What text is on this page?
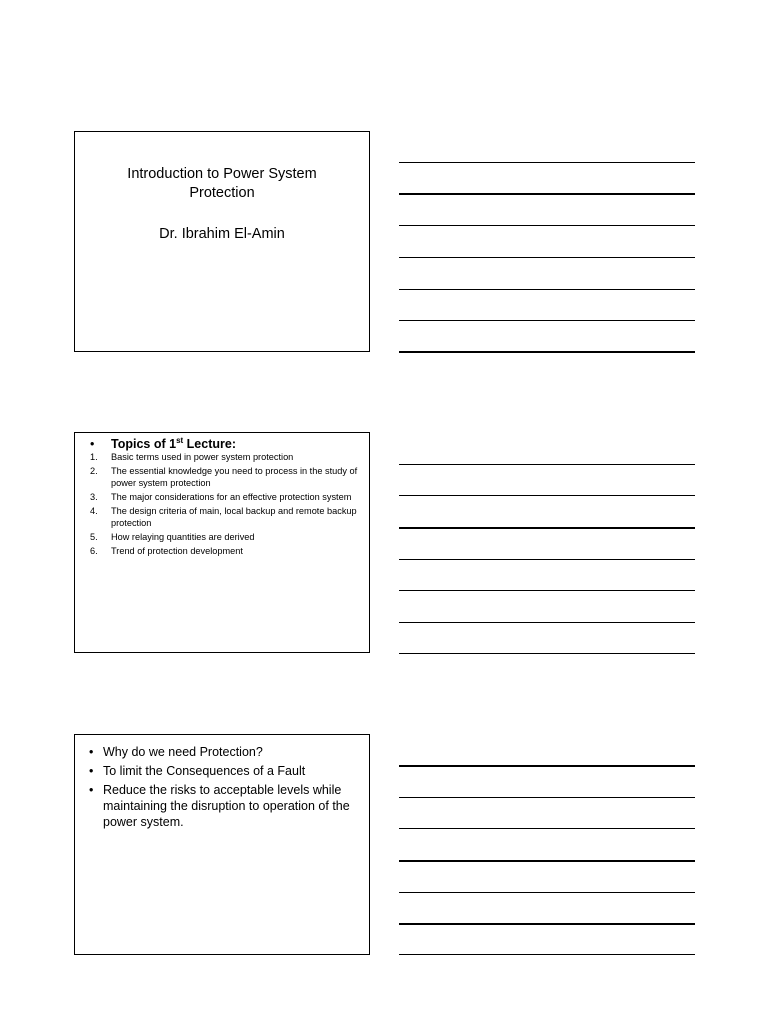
Introduction to Power System
Protection
Dr. Ibrahim El-Amin
• Topics of 1st Lecture:
1.	Basic terms used in power system protection
2.	The essential knowledge you need to process in the study of power system protection
3.	The major considerations for an effective protection system
4.	The design criteria of main, local backup and remote backup protection
5.	How relaying quantities are derived
6.	Trend of protection development
• Why do we need Protection?
• To limit the Consequences of a Fault
• Reduce the risks to acceptable levels while maintaining the disruption to operation of the power system.
